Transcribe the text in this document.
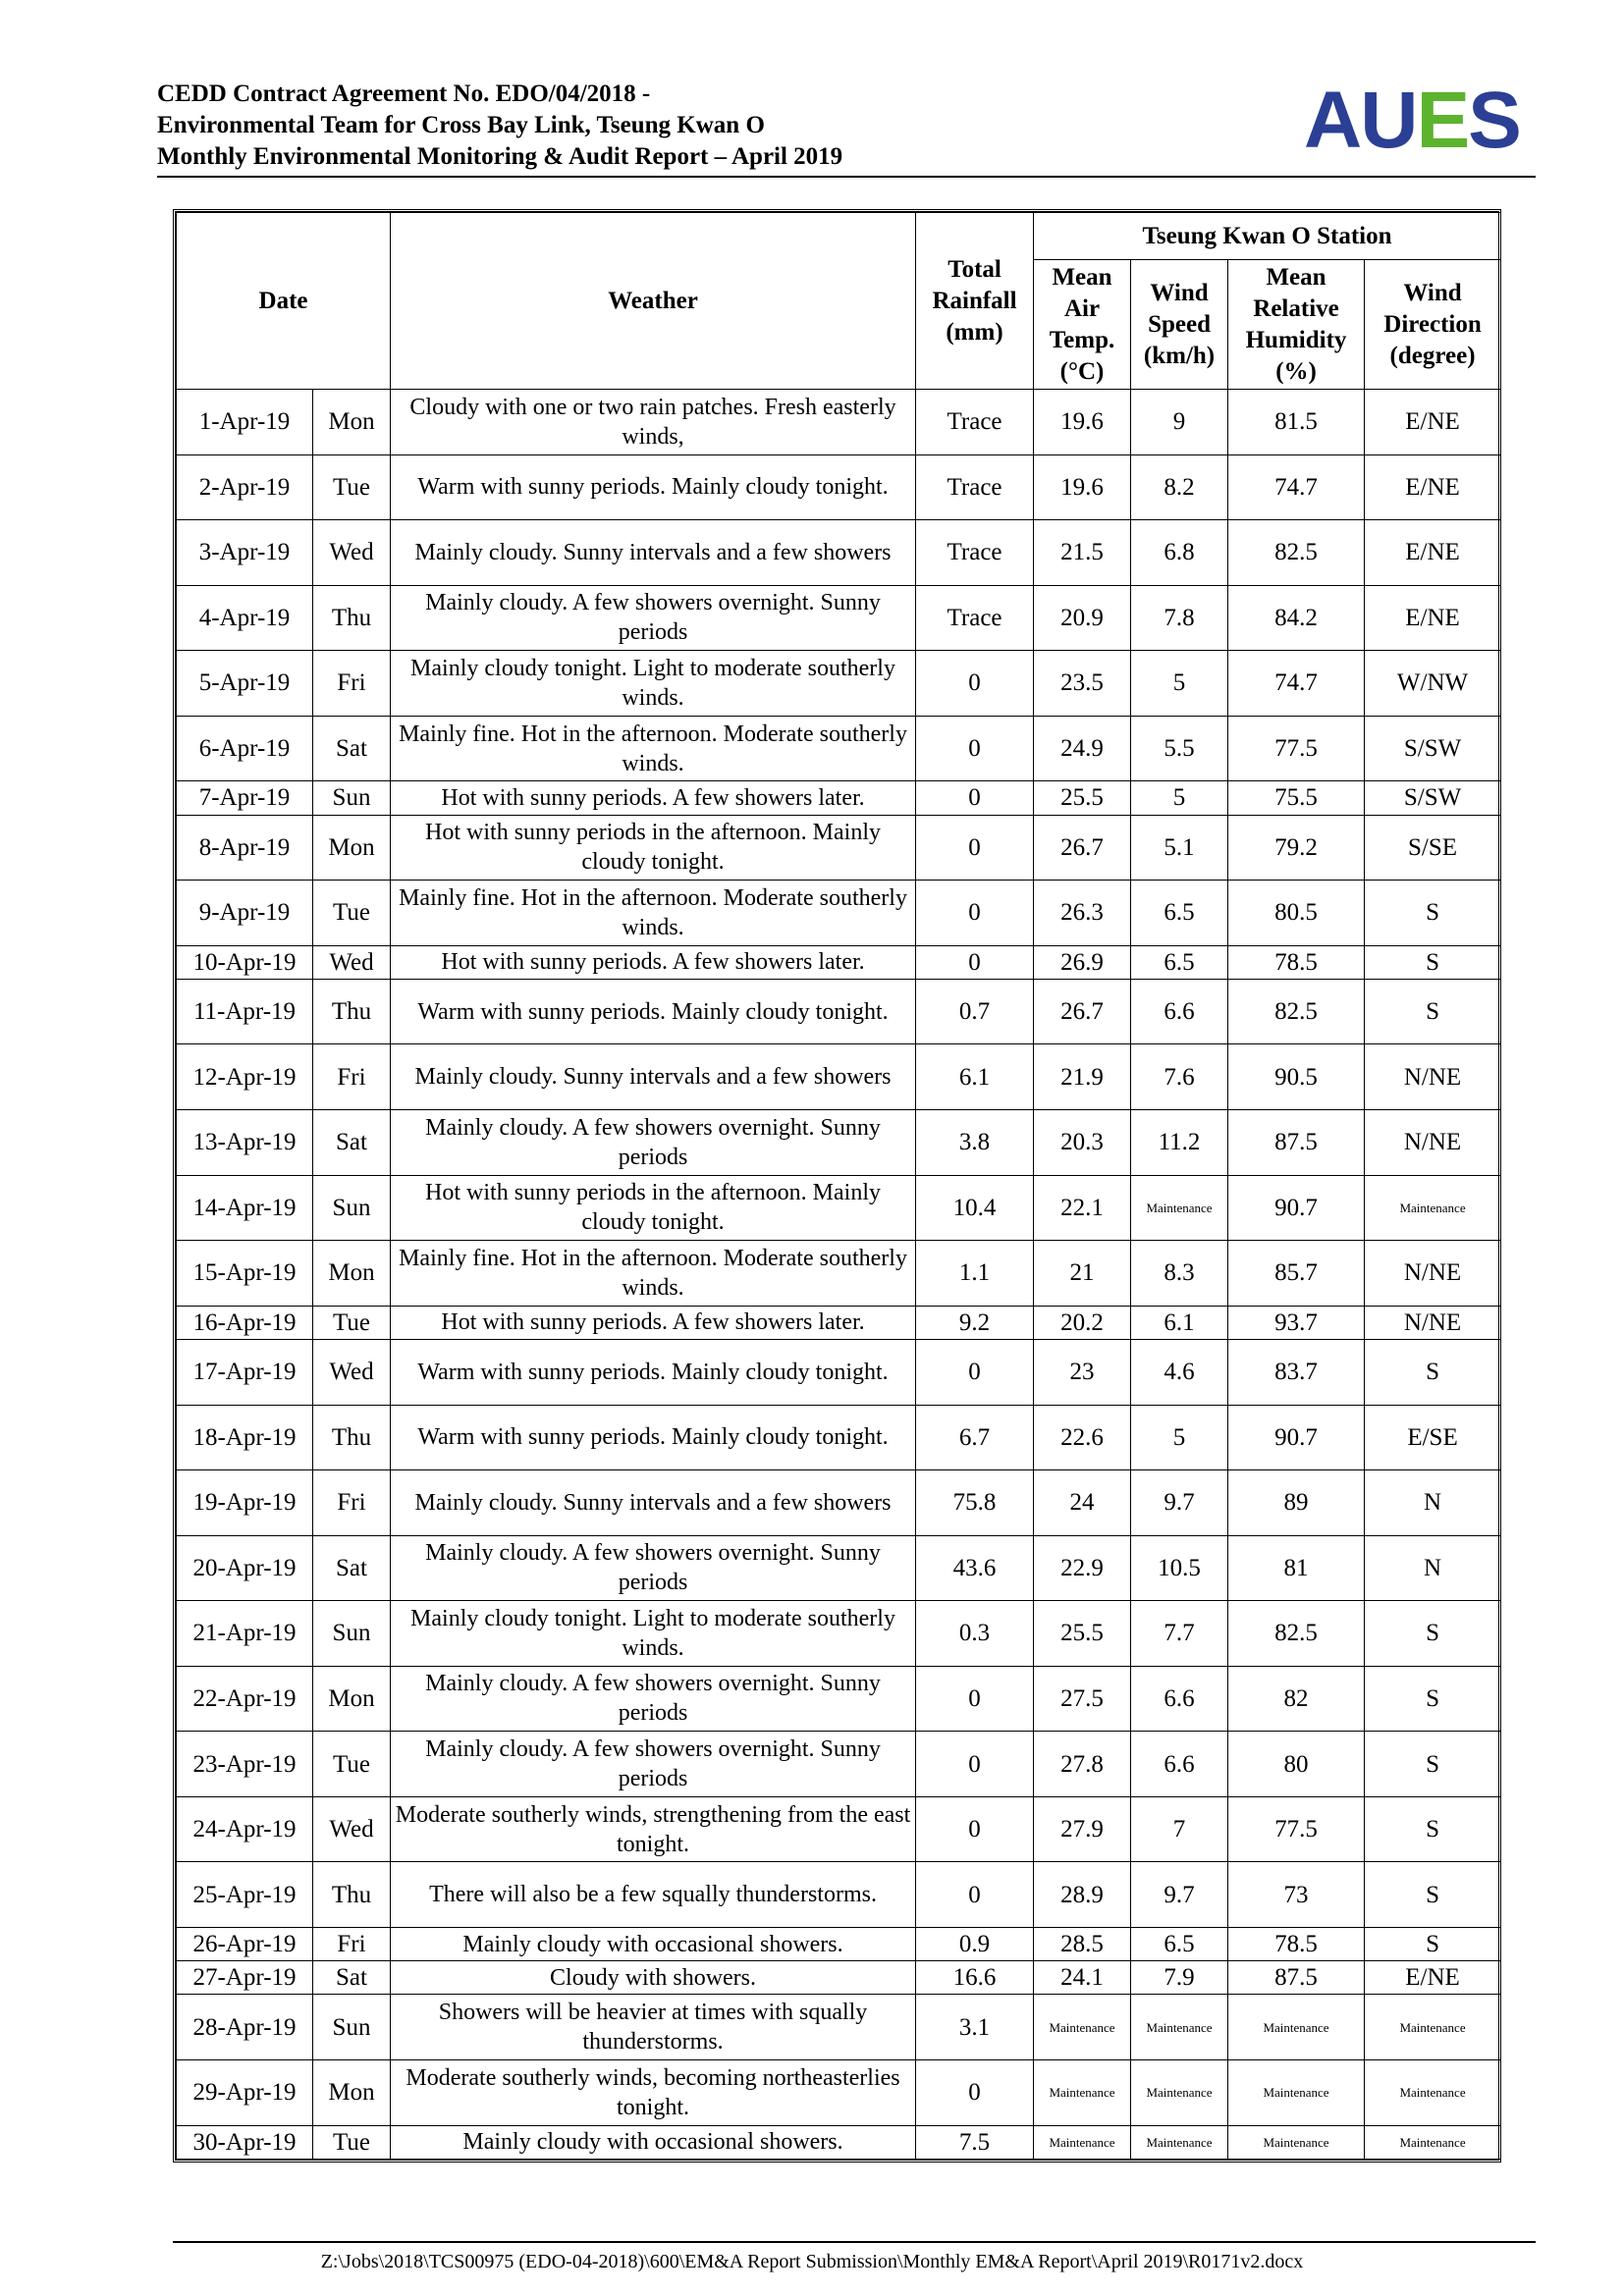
CEDD Contract Agreement No. EDO/04/2018 -
Environmental Team for Cross Bay Link, Tseung Kwan O
Monthly Environmental Monitoring & Audit Report – April 2019	AUES
Date		Weather	Total Rainfall (mm)	Tseung Kwan O Station			
				Mean Air Temp. (°C)	Wind Speed (km/h)	Mean Relative Humidity (%)	Wind Direction (degree)
1-Apr-19	Mon	Cloudy with one or two rain patches. Fresh easterly winds,	Trace	19.6	9	81.5	E/NE
2-Apr-19	Tue	Warm with sunny periods. Mainly cloudy tonight.	Trace	19.6	8.2	74.7	E/NE
3-Apr-19	Wed	Mainly cloudy. Sunny intervals and a few showers	Trace	21.5	6.8	82.5	E/NE
4-Apr-19	Thu	Mainly cloudy. A few showers overnight. Sunny periods	Trace	20.9	7.8	84.2	E/NE
5-Apr-19	Fri	Mainly cloudy tonight. Light to moderate southerly winds.	0	23.5	5	74.7	W/NW
6-Apr-19	Sat	Mainly fine. Hot in the afternoon. Moderate southerly winds.	0	24.9	5.5	77.5	S/SW
7-Apr-19	Sun	Hot with sunny periods. A few showers later.	0	25.5	5	75.5	S/SW
8-Apr-19	Mon	Hot with sunny periods in the afternoon. Mainly cloudy tonight.	0	26.7	5.1	79.2	S/SE
9-Apr-19	Tue	Mainly fine. Hot in the afternoon. Moderate southerly winds.	0	26.3	6.5	80.5	S
10-Apr-19	Wed	Hot with sunny periods. A few showers later.	0	26.9	6.5	78.5	S
11-Apr-19	Thu	Warm with sunny periods. Mainly cloudy tonight.	0.7	26.7	6.6	82.5	S
12-Apr-19	Fri	Mainly cloudy. Sunny intervals and a few showers	6.1	21.9	7.6	90.5	N/NE
13-Apr-19	Sat	Mainly cloudy. A few showers overnight. Sunny periods	3.8	20.3	11.2	87.5	N/NE
14-Apr-19	Sun	Hot with sunny periods in the afternoon. Mainly cloudy tonight.	10.4	22.1	Maintenance	90.7	Maintenance
15-Apr-19	Mon	Mainly fine. Hot in the afternoon. Moderate southerly winds.	1.1	21	8.3	85.7	N/NE
16-Apr-19	Tue	Hot with sunny periods. A few showers later.	9.2	20.2	6.1	93.7	N/NE
17-Apr-19	Wed	Warm with sunny periods. Mainly cloudy tonight.	0	23	4.6	83.7	S
18-Apr-19	Thu	Warm with sunny periods. Mainly cloudy tonight.	6.7	22.6	5	90.7	E/SE
19-Apr-19	Fri	Mainly cloudy. Sunny intervals and a few showers	75.8	24	9.7	89	N
20-Apr-19	Sat	Mainly cloudy. A few showers overnight. Sunny periods	43.6	22.9	10.5	81	N
21-Apr-19	Sun	Mainly cloudy tonight. Light to moderate southerly winds.	0.3	25.5	7.7	82.5	S
22-Apr-19	Mon	Mainly cloudy. A few showers overnight. Sunny periods	0	27.5	6.6	82	S
23-Apr-19	Tue	Mainly cloudy. A few showers overnight. Sunny periods	0	27.8	6.6	80	S
24-Apr-19	Wed	Moderate southerly winds, strengthening from the east tonight.	0	27.9	7	77.5	S
25-Apr-19	Thu	There will also be a few squally thunderstorms.	0	28.9	9.7	73	S
26-Apr-19	Fri	Mainly cloudy with occasional showers.	0.9	28.5	6.5	78.5	S
27-Apr-19	Sat	Cloudy with showers.	16.6	24.1	7.9	87.5	E/NE
28-Apr-19	Sun	Showers will be heavier at times with squally thunderstorms.	3.1	Maintenance	Maintenance	Maintenance	Maintenance
29-Apr-19	Mon	Moderate southerly winds, becoming northeasterlies tonight.	0	Maintenance	Maintenance	Maintenance	Maintenance
30-Apr-19	Tue	Mainly cloudy with occasional showers.	7.5	Maintenance	Maintenance	Maintenance	Maintenance
Z:\Jobs\2018\TCS00975 (EDO-04-2018)\600\EM&A Report Submission\Monthly EM&A Report\April 2019\R0171v2.docx
